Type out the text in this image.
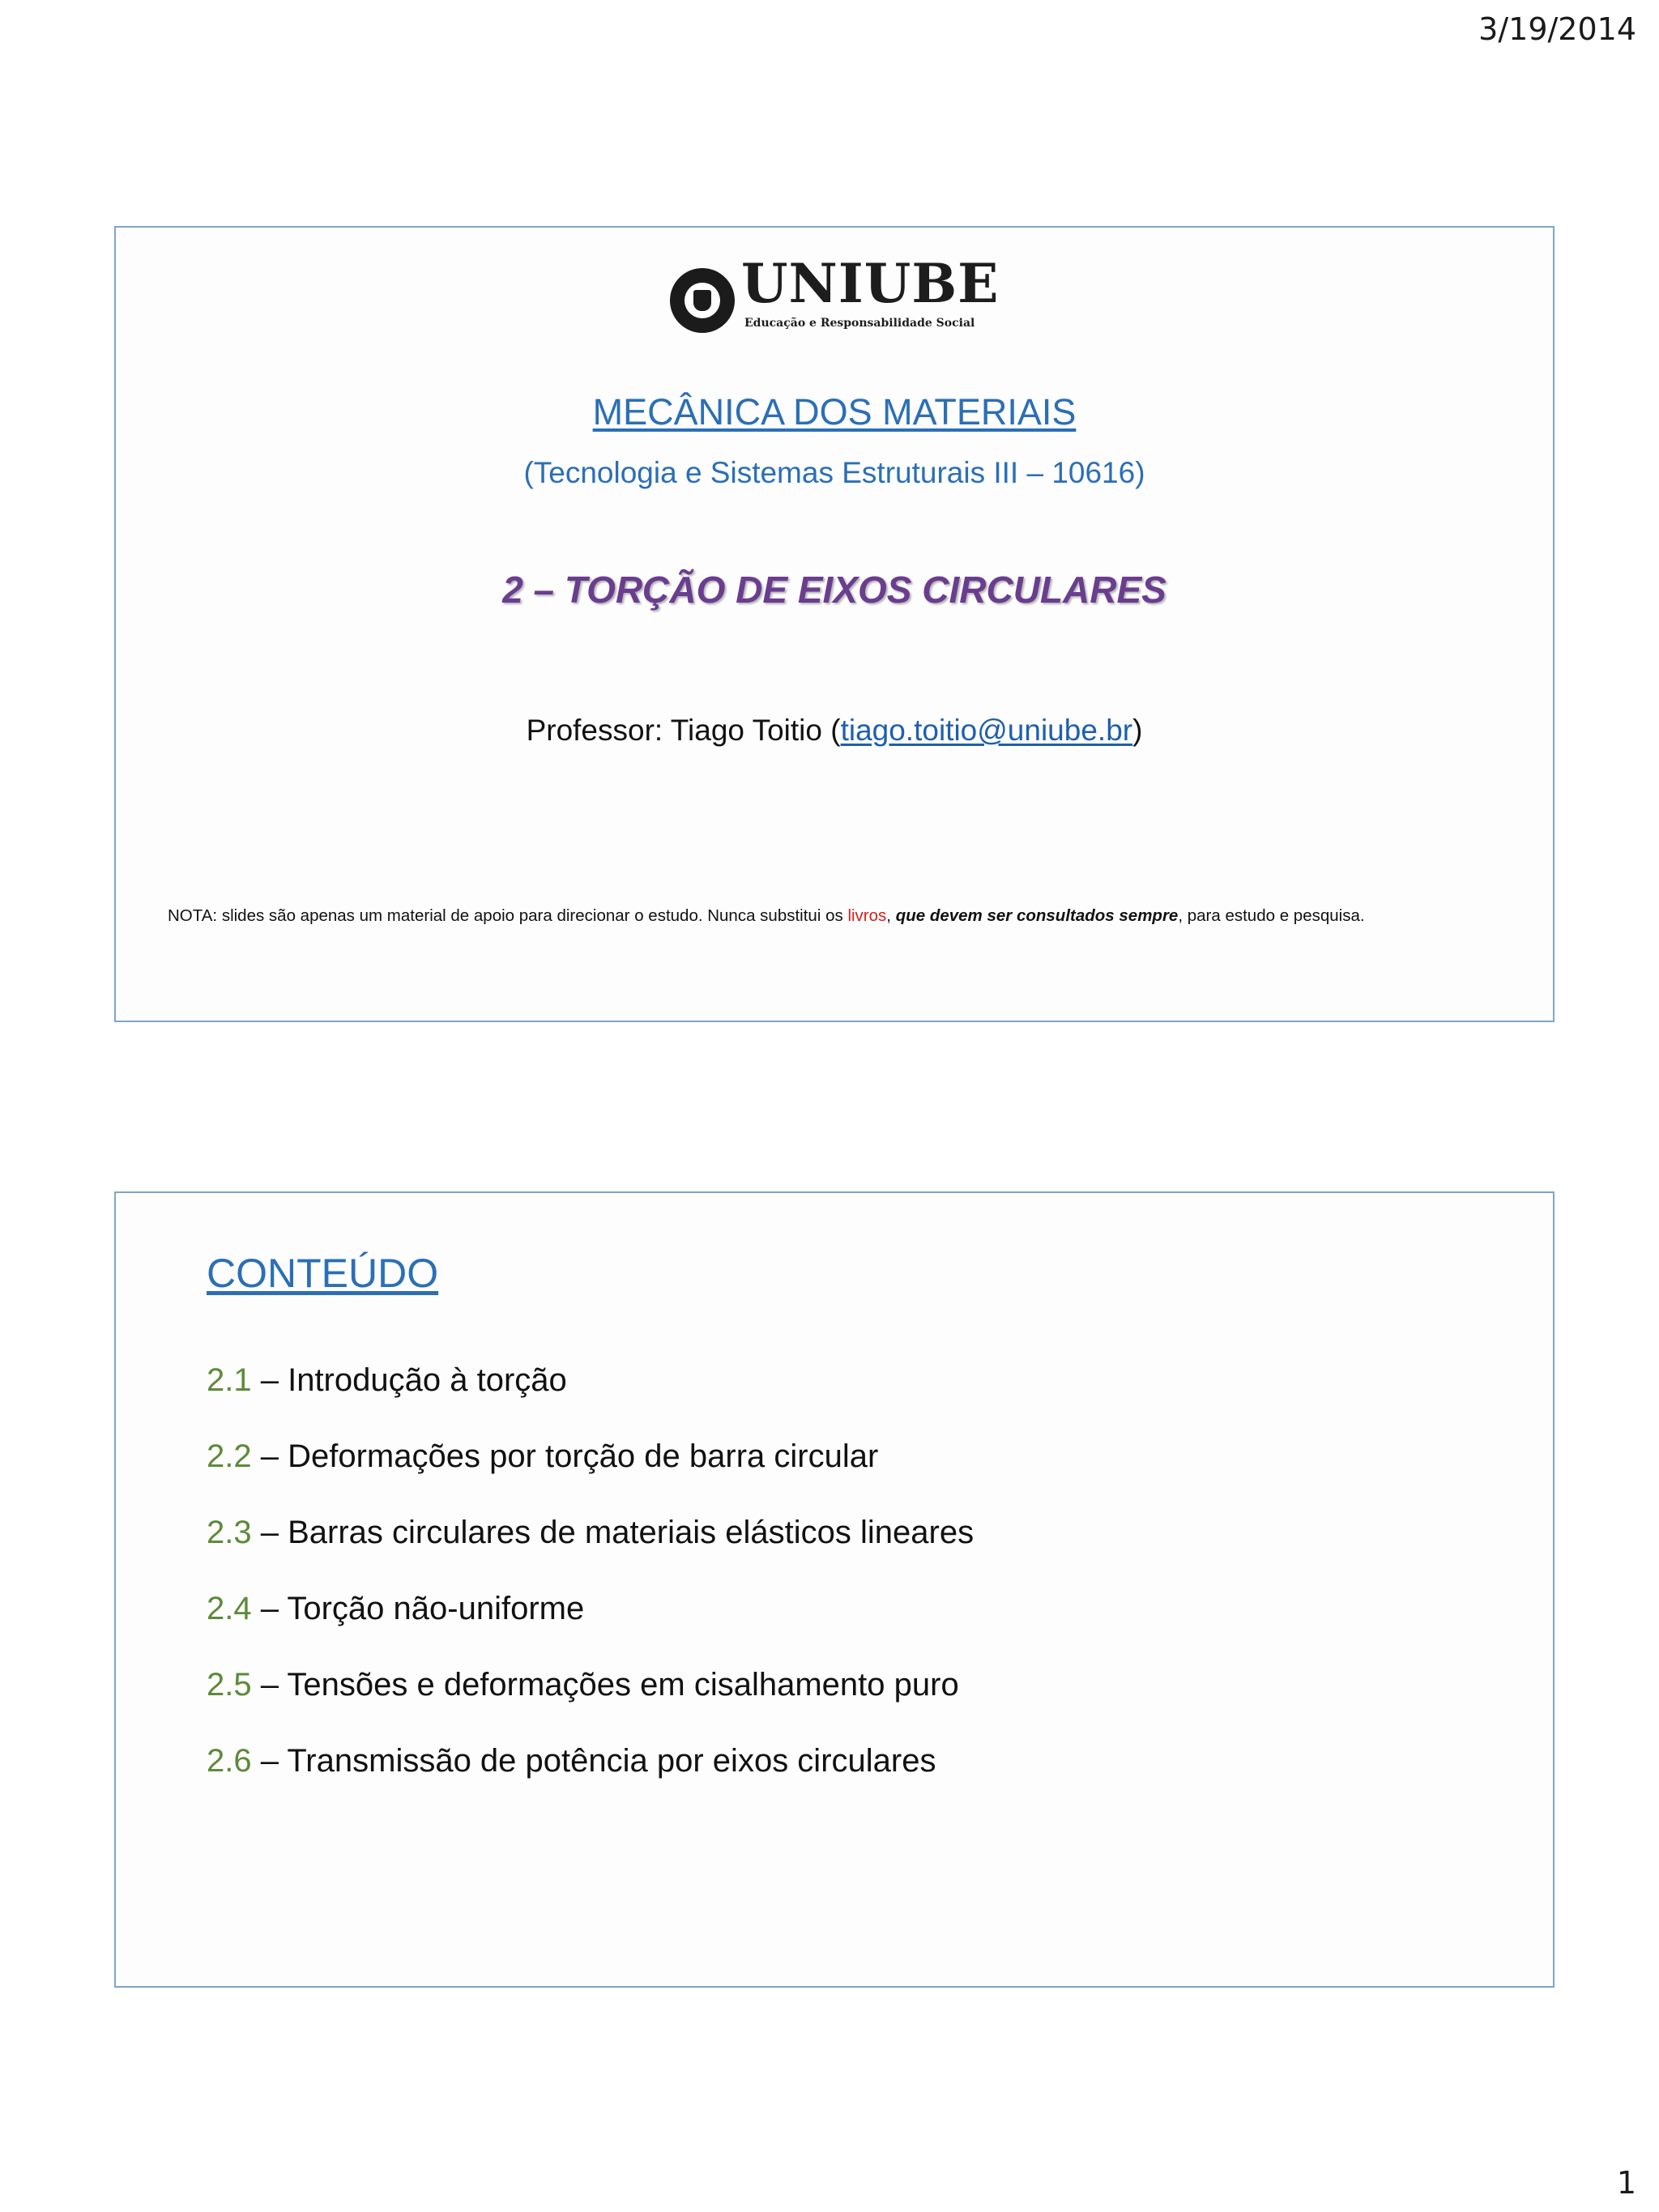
3/19/2014
UNIUBE
Educação e Responsabilidade Social
MECÂNICA DOS MATERIAIS
(Tecnologia e Sistemas Estruturais III – 10616)
2 – TORÇÃO DE EIXOS CIRCULARES
Professor: Tiago Toitio (tiago.toitio@uniube.br)
NOTA: slides são apenas um material de apoio para direcionar o estudo. Nunca substitui os livros, que devem ser consultados sempre, para estudo e pesquisa.
CONTEÚDO
2.1 – Introdução à torção
2.2 – Deformações por torção de barra circular
2.3 – Barras circulares de materiais elásticos lineares
2.4 – Torção não-uniforme
2.5 – Tensões e deformações em cisalhamento puro
2.6 – Transmissão de potência por eixos circulares
1
